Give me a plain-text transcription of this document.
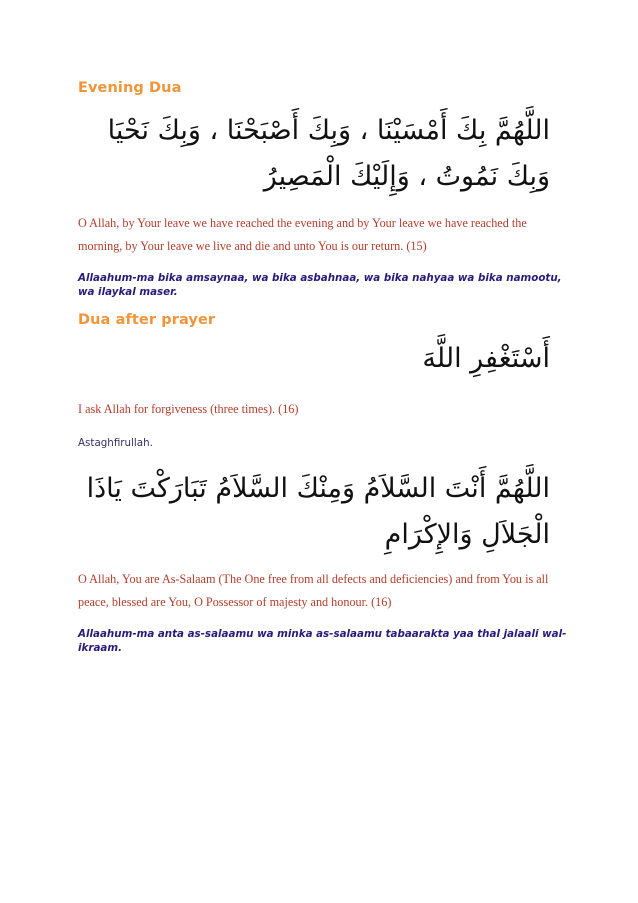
Evening Dua
اللَّهُمَّ بِكَ أَمْسَيْنَا ، وَبِكَ أَصْبَحْنَا ، وَبِكَ نَحْيَا وَبِكَ نَمُوتُ ، وَإِلَيْكَ الْمَصِيرُ
O Allah, by Your leave we have reached the evening and by Your leave we have reached the morning, by Your leave we live and die and unto You is our return. (15)
Allaahum-ma bika amsaynaa, wa bika asbahnaa, wa bika nahyaa wa bika namootu, wa ilaykal maser.
Dua after prayer
أَسْتَغْفِرِ اللَّهَ
I ask Allah for forgiveness (three times). (16)
Astaghfirullah.
اللَّهُمَّ أَنْتَ السَّلاَمُ وَمِنْكَ السَّلاَمُ تَبَارَكْتَ يَاذَا الْجَلاَلِ وَالإِكْرَامِ
O Allah, You are As-Salaam (The One free from all defects and deficiencies) and from You is all peace, blessed are You, O Possessor of majesty and honour. (16)
Allaahum-ma anta as-salaamu wa minka as-salaamu tabaarakta yaa thal jalaali wal-ikraam.
